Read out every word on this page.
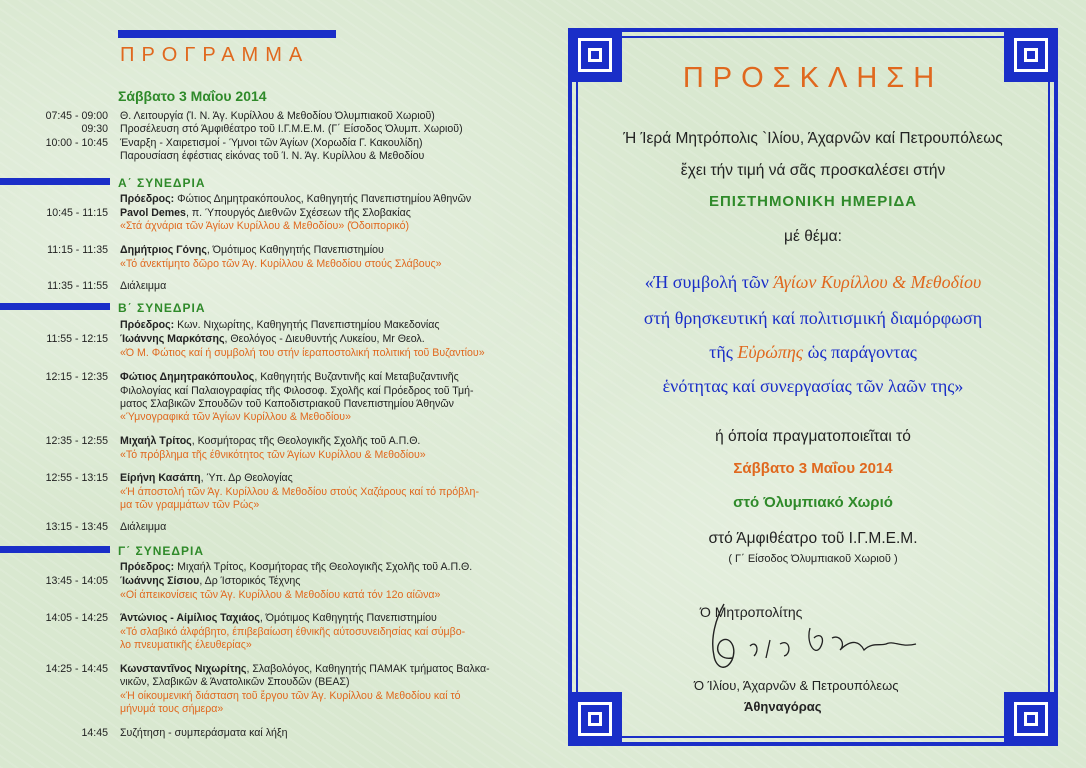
ΠΡΟΓΡΑΜΜΑ
Σάββατο 3 Μαΐου 2014
07:45 - 09:00 Θ. Λειτουργία (Ί. Ν. Άγ. Κυρίλλου & Μεθοδίου Όλυμπιακοῦ Χωριοῦ)
09:30 Προσέλευση στό Άμφιθέατρο τοῦ Ι.Γ.Μ.Ε.Μ. (Γ΄ Είσοδος Όλυμπ. Χωριοῦ)
10:00 - 10:45 Έναρξη - Χαιρετισμοί - Ύμνοι τῶν Άγίων (Χορωδία Γ. Κακουλίδη)
Παρουσίαση έφέστιας εἰκόνας τοῦ Ί. Ν. Άγ. Κυρίλλου & Μεθοδίου
Α΄ ΣΥΝΕΔΡΙΑ
Πρόεδρος: Φώτιος Δημητρακόπουλος, Καθηγητής Πανεπιστημίου Άθηνῶν
10:45 - 11:15 Pavol Demes, π. Ύπουργός Διεθνῶν Σχέσεων τῆς Σλοβακίας
«Στά άχνάρια τῶν Άγίων Κυρίλλου & Μεθοδίου» (Όδοιπορικό)
11:15 - 11:35 Δημήτριος Γόνης, Όμότιμος Καθηγητής Πανεπιστημίου
«Τό άνεκτίμητο δῶρο τῶν Άγ. Κυρίλλου & Μεθοδίου στούς Σλάβους»
11:35 - 11:55 Διάλειμμα
Β΄ ΣΥΝΕΔΡΙΑ
Πρόεδρος: Κων. Νιχωρίτης, Καθηγητής Πανεπιστημίου Μακεδονίας
11:55 - 12:15 Ίωάννης Μαρκότσης, Θεολόγος - Διευθυντής Λυκείου, Mr Θεολ.
«Ό Μ. Φώτιος καί ή συμβολή του στήν ίεραποστολική πολιτική τοῦ Βυζαντίου»
12:15 - 12:35 Φώτιος Δημητρακόπουλος, Καθηγητής Βυζαντινῆς καί Μεταβυζαντινῆς
Φιλολογίας καί Παλαιογραφίας τῆς Φιλοσοφ. Σχολῆς καί Πρόεδρος τοῦ Τμή-
ματος Σλαβικῶν Σπουδῶν τοῦ Καποδιστριακοῦ Πανεπιστημίου Άθηνῶν
«Ύμνογραφικά τῶν Άγίων Κυρίλλου & Μεθοδίου»
12:35 - 12:55 Μιχαήλ Τρίτος, Κοσμήτορας τῆς Θεολογικῆς Σχολῆς τοῦ Α.Π.Θ.
«Τό πρόβλημα τῆς έθνικότητος τῶν Άγίων Κυρίλλου & Μεθοδίου»
12:55 - 13:15 Είρήνη Κασάπη, Ύπ. Δρ Θεολογίας
«Ή άποστολή τῶν Άγ. Κυρίλλου & Μεθοδίου στούς Χαζάρους καί τό πρόβλη-
μα τῶν γραμμάτων τῶν Ρώς»
13:15 - 13:45 Διάλειμμα
Γ΄ ΣΥΝΕΔΡΙΑ
Πρόεδρος: Μιχαήλ Τρίτος, Κοσμήτορας τῆς Θεολογικῆς Σχολῆς τοῦ Α.Π.Θ.
13:45 - 14:05 Ίωάννης Σίσιου, Δρ Ίστορικός Τέχνης
«Οί άπεικονίσεις τῶν Άγ. Κυρίλλου & Μεθοδίου κατά τόν 12ο αίῶνα»
14:05 - 14:25 Άντώνιος - Αίμίλιος Ταχιάος, Όμότιμος Καθηγητής Πανεπιστημίου
«Τό σλαβικό άλφάβητο, έπιβεβαίωση έθνικῆς αύτοσυνειδησίας καί σύμβο-
λο πνευματικῆς έλευθερίας»
14:25 - 14:45 Κωνσταντῖνος Νιχωρίτης, Σλαβολόγος, Καθηγητής ΠΑΜΑΚ τμήματος Βαλκα-
νικῶν, Σλαβικῶν & Άνατολικῶν Σπουδῶν (ΒΕΑΣ)
«Ή οίκουμενική διάσταση τοῦ ἔργου τῶν Άγ. Κυρίλλου & Μεθοδίου καί τό
μήνυμά τους σήμερα»
14:45 Συζήτηση - συμπεράσματα καί λήξη
ΠΡΟΣΚΛΗΣΗ
Ή Ίερά Μητρόπολις `Ιλίου, Άχαρνῶν καί Πετρουπόλεως
ἔχει τήν τιμή νά σᾶς προσκαλέσει στήν
ΕΠΙΣΤΗΜΟΝΙΚΗ ΗΜΕΡΙΔΑ
μέ θέμα:
«Ή συμβολή τῶν Άγίων Κυρίλλου & Μεθοδίου
στή θρησκευτική καί πολιτισμική διαμόρφωση
τῆς Εὐρώπης ὡς παράγοντας
ἑνότητας καί συνεργασίας τῶν λαῶν της»
ή όποία πραγματοποιεῖται τό
Σάββατο 3 Μαΐου 2014
στό Όλυμπιακό Χωριό
στό Άμφιθέατρο τοῦ Ι.Γ.Μ.Ε.Μ.
( Γ΄ Είσοδος Όλυμπιακοῦ Χωριοῦ )
Ό Μητροπολίτης
Ό Ίλίου, Άχαρνῶν & Πετρουπόλεως
Άθηναγόρας
